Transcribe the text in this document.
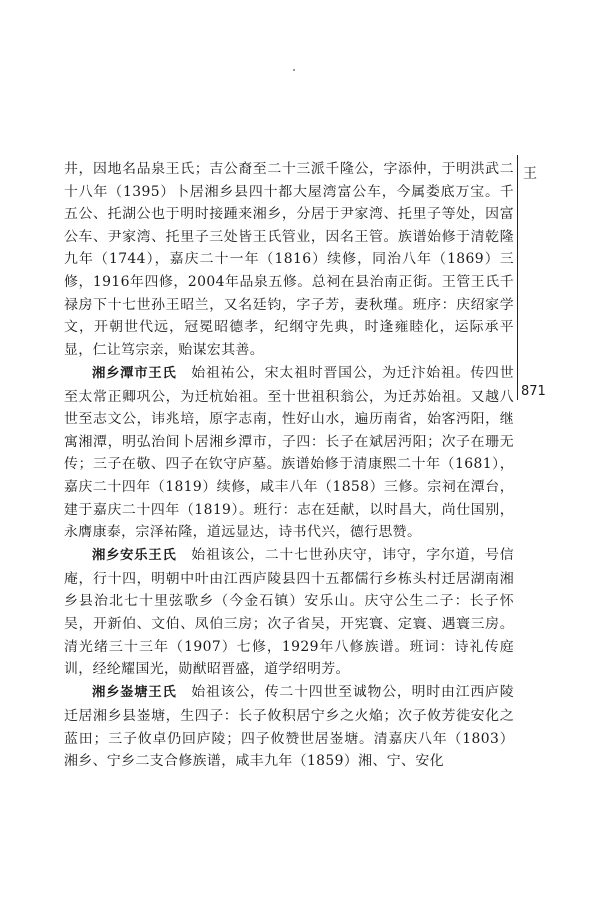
王
871

井，因地名品泉王氏；吉公裔至二十三派千隆公，字添仲，于明洪武二十八年（1395）卜居湘乡县四十都大屋湾富公车，今属娄底万宝。千五公、托湖公也于明时接踵来湘乡，分居于尹家湾、托里子等处，因富公车、尹家湾、托里子三处皆王氏管业，因名王管。族谱始修于清乾隆九年（1744），嘉庆二十一年（1816）续修，同治八年（1869）三修，1916年四修，2004年品泉五修。总祠在县治南正街。王管王氏千禄房下十七世孙王昭兰，又名廷钧，字子芳，妻秋瑾。班序：庆绍家学文，开朝世代远，冠冕昭德孝，纪纲守先典，时逢雍睦化，运际承平显，仁让笃宗亲，贻谋宏其善。

湘乡潭市王氏　 始祖祐公，宋太祖时晋国公，为迁汴始祖。传四世至太常正卿巩公，为迁杭始祖。至十世祖积翁公，为迁苏始祖。又越八世至志文公，讳兆培，原字志南，性好山水，遍历南省，始客沔阳，继寓湘潭，明弘治间卜居湘乡潭市，子四：长子在斌居沔阳；次子在珊无传；三子在敬、四子在钦守庐墓。族谱始修于清康熙二十年（1681），嘉庆二十四年（1819）续修，咸丰八年（1858）三修。宗祠在潭台，建于嘉庆二十四年（1819）。班行：志在廷献，以时昌大，尚仕国别，永膺康泰，宗泽祐隆，道远显达，诗书代兴，德行思赞。

湘乡安乐王氏　 始祖该公，二十七世孙庆守，讳守，字尔道，号信庵，行十四，明朝中叶由江西庐陵县四十五都儒行乡栋头村迁居湖南湘乡县治北七十里弦歌乡（今金石镇）安乐山。庆守公生二子：长子怀吴，开新伯、文伯、凤伯三房；次子省吴，开宪寰、定寰、遇寰三房。清光绪三十三年（1907）七修，1929年八修族谱。班词：诗礼传庭训，经纶耀国光，勋猷昭晋盛，道学绍明芳。

湘乡崟塘王氏　 始祖该公，传二十四世至诚物公，明时由江西庐陵迁居湘乡县崟塘，生四子：长子攸积居宁乡之火焔；次子攸芳徙安化之蓝田；三子攸卓仍回庐陵；四子攸赞世居崟塘。清嘉庆八年（1803）湘乡、宁乡二支合修族谱，咸丰九年（1859）湘、宁、安化
